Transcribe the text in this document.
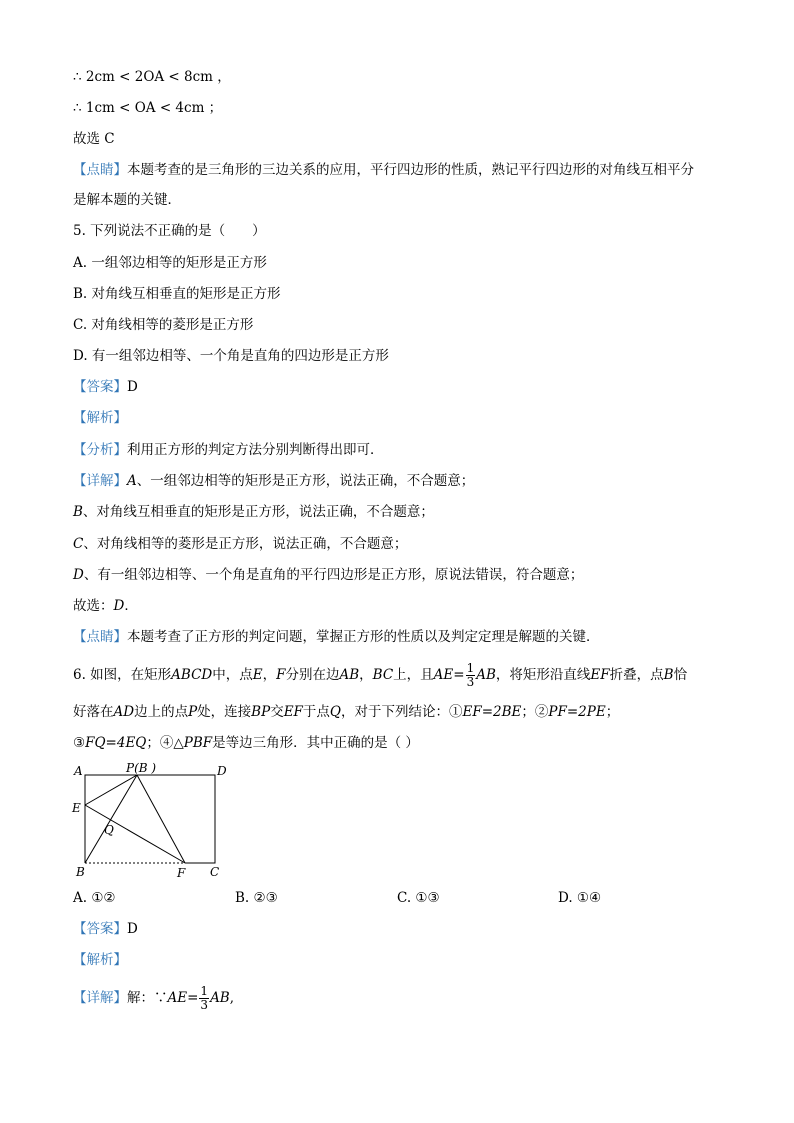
∴ 2cm < 2OA < 8cm ，
∴ 1cm < OA < 4cm ；
故选 C
【点睛】本题考查的是三角形的三边关系的应用，平行四边形的性质，熟记平行四边形的对角线互相平分
是解本题的关键．
5. 下列说法不正确的是（　　）
A. 一组邻边相等的矩形是正方形
B. 对角线互相垂直的矩形是正方形
C. 对角线相等的菱形是正方形
D. 有一组邻边相等、一个角是直角的四边形是正方形
【答案】D
【解析】
【分析】利用正方形的判定方法分别判断得出即可．
【详解】A、一组邻边相等的矩形是正方形，说法正确，不合题意；
B、对角线互相垂直的矩形是正方形，说法正确，不合题意；
C、对角线相等的菱形是正方形，说法正确，不合题意；
D、有一组邻边相等、一个角是直角的平行四边形是正方形，原说法错误，符合题意；
故选：D．
【点睛】本题考查了正方形的判定问题，掌握正方形的性质以及判定定理是解题的关键．
6. 如图，在矩形ABCD中，点E，F分别在边AB，BC上，且$AE= \frac{1}{3}$ AB，将矩形沿直线EF折叠，点B恰
好落在AD边上的点P处，连接BP交EF于点Q，对于下列结论：①EF=2BE；②PF=2PE；
③FQ=4EQ；④△PBF是等边三角形．其中正确的是（ ）
A	P(B )	D
E
Q
B	F C
A. ①②	B. ②③	C. ①③	D. ①④
【答案】D
【解析】
【详解】解：∵AE= $\frac{1}{3}$ AB,
